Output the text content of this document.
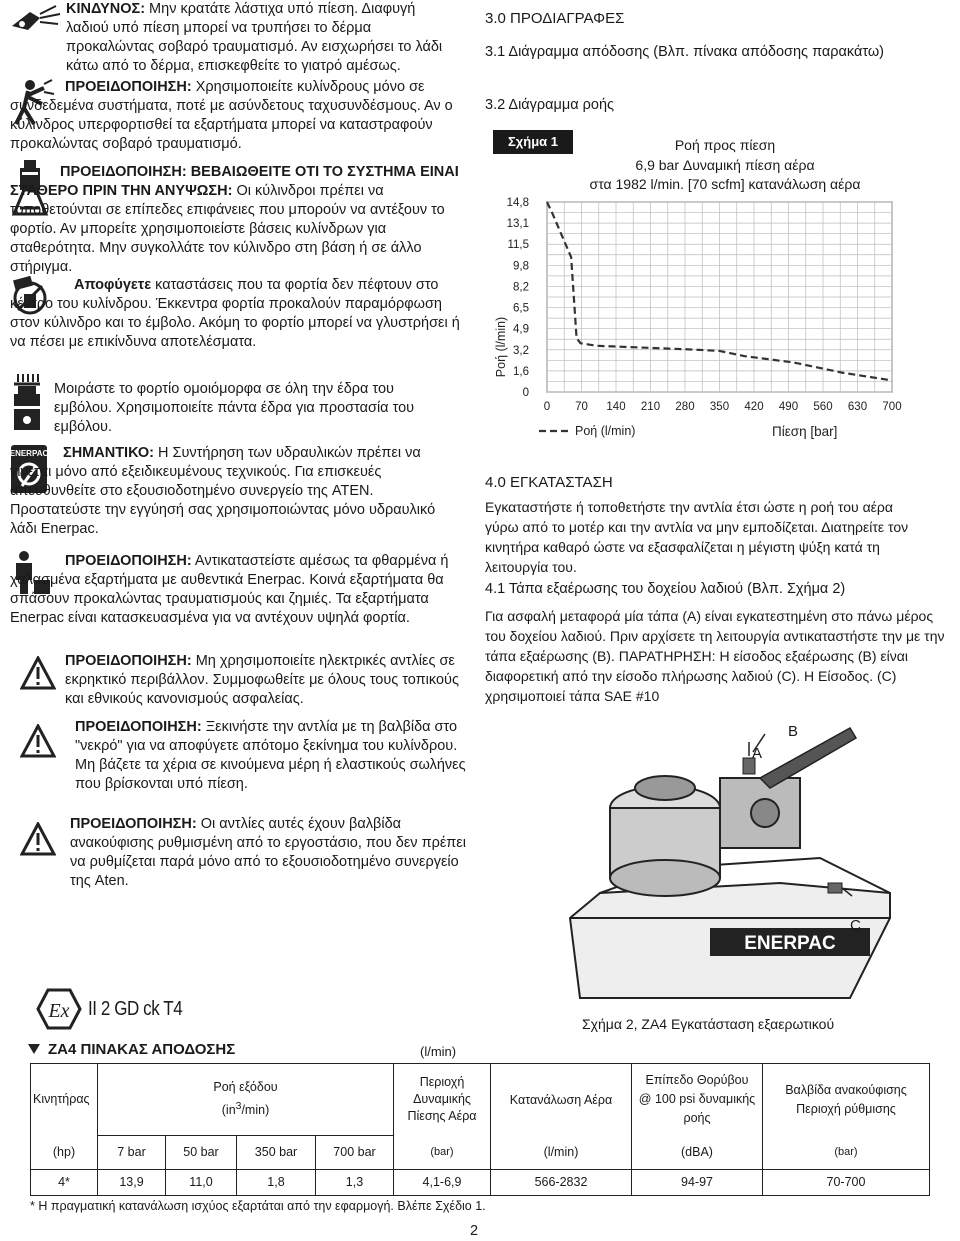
ΚΙΝΔΥΝΟΣ: Μην κρατάτε λάστιχα υπό πίεση. Διαφυγή λαδιού υπό πίεση μπορεί να τρυπήσει το δέρμα προκαλώντας σοβαρό τραυματισμό. Αν εισχωρήσει το λάδι κάτω από το δέρμα, επισκεφθείτε το γιατρό αμέσως.

ΠΡΟΕΙΔΟΠΟΙΗΣΗ: Χρησιμοποιείτε κυλίνδρους μόνο σε συνδεδεμένα συστήματα, ποτέ με ασύνδετους ταχυσυνδέσμους. Αν ο κύλινδρος υπερφορτισθεί τα εξαρτήματα μπορεί να καταστραφούν προκαλώντας σοβαρό τραυματισμό.

ΠΡΟΕΙΔΟΠΟΙΗΣΗ: ΒΕΒΑΙΩΘΕΙΤΕ ΟΤΙ ΤΟ ΣΥΣΤΗΜΑ ΕΙΝΑΙ ΣΤΑΘΕΡΟ ΠΡΙΝ ΤΗΝ ΑΝΥΨΩΣΗ: Οι κύλινδροι πρέπει να τοποθετούνται σε επίπεδες επιφάνειες που μπορούν να αντέξουν το φορτίο. Αν μπορείτε χρησιμοποιείστε βάσεις κυλίνδρων για σταθερότητα. Μην συγκολλάτε τον κύλινδρο στη βάση ή σε άλλο στήριγμα.

Αποφύγετε καταστάσεις που τα φορτία δεν πέφτουν στο κέντρο του κυλίνδρου. Έκκεντρα φορτία προκαλούν παραμόρφωση στον κύλινδρο και το έμβολο. Ακόμη το φορτίο μπορεί να γλυστρήσει ή να πέσει με επικίνδυνα αποτελέσματα.

Μοιράστε το φορτίο ομοιόμορφα σε όλη την έδρα του εμβόλου. Χρησιμοποιείτε πάντα έδρα για προστασία του εμβόλου.

ENERPAC	ΣΗΜΑΝΤΙΚΟ: Η Συντήρηση των υδραυλικών πρέπει να γίνεται μόνο από εξειδικευμένους τεχνικούς. Για επισκευές απευθυνθείτε στο εξουσιοδοτημένο συνεργείο της ATEN. Προστατεύστε την εγγύησή σας χρησιμοποιώντας μόνο υδραυλικό λάδι Enerpac.

ΠΡΟΕΙΔΟΠΟΙΗΣΗ: Αντικαταστείστε αμέσως τα φθαρμένα ή χαλασμένα εξαρτήματα με αυθεντικά Enerpac. Κοινά εξαρτήματα θα σπάσουν προκαλώντας τραυματισμούς και ζημιές. Τα εξαρτήματα Enerpac είναι κατασκευασμένα για να αντέχουν υψηλά φορτία.

ΠΡΟΕΙΔΟΠΟΙΗΣΗ: Μη χρησιμοποιείτε ηλεκτρικές αντλίες σε εκρηκτικό περιβάλλον. Συμμοφωθείτε με όλους τους τοπικούς και εθνικούς κανονισμούς ασφαλείας.

ΠΡΟΕΙΔΟΠΟΙΗΣΗ: Ξεκινήστε την αντλία με τη βαλβίδα στο "νεκρό" για να αποφύγετε απότομο ξεκίνημα του κυλίνδρου. Μη βάζετε τα χέρια σε κινούμενα μέρη ή ελαστικούς σωλήνες που βρίσκονται υπό πίεση.

ΠΡΟΕΙΔΟΠΟΙΗΣΗ: Οι αντλίες αυτές έχουν βαλβίδα ανακούφισης ρυθμισμένη από το εργοστάσιο, που δεν πρέπει να ρυθμίζεται παρά μόνο από το εξουσιοδοτημένο συνεργείο της Aten.

Ex II 2 GD ck T4
ZA4 ΠΙΝΑΚΑΣ ΑΠΟΔΟΣΗΣ	(l/min)
Κινητήρας	Ροή εξόδου
$(in^3/\min)$				Περιοχή Δυναμικής Πίεσης Αέρα	Κατανάλωση Αέρα	Επίπεδο Θορύβου @ 100 psi δυναμικής ροής	Βαλβίδα ανακούφισης Περιοχή ρύθμισης
(hp)	7 bar	50 bar	350 bar	700 bar	(bar)	(l/min)	(dBA)	(bar)
4*	13,9	11,0	1,8	1,3	4,1-6,9	566-2832	94-97	70-700
* Η πραγματική κατανάλωση ισχύος εξαρτάται από την εφαρμογή. Βλέπε Σχέδιο 1.
2
3.0 ΠΡΟΔΙΑΓΡΑΦΕΣ
3.1 Διάγραμμα απόδοσης (Βλπ. πίνακα απόδοσης παρακάτω)
3.2 Διάγραμμα ροής
Σχήμα 1	Ροή προς πίεση
6,9 bar Δυναμική πίεση αέρα
στα 1982 l/min. [70 scfm] κατανάλωση αέρα
0 70 140 210 280 350 420 490 560 630 700
0
1,6
3,2
4,9
6,5
8,2
9,8
11,5
13,1
14,8
Ροή (l/min)
Ροή (l/min)	Πίεση [bar]
4.0 ΕΓΚΑΤΑΣΤΑΣΗ

Εγκαταστήστε ή τοποθετήστε την αντλία έτσι ώστε η ροή του αέρα γύρω από το μοτέρ και την αντλία να μην εμποδίζεται. Διατηρείτε τον κινητήρα καθαρό ώστε να εξασφαλίζεται η μέγιστη ψύξη κατά τη λειτουργία του.

4.1 Τάπα εξαέρωσης του δοχείου λαδιού (Βλπ. Σχήμα 2)

Για ασφαλή μεταφορά μία τάπα (A) είναι εγκατεστημένη στο πάνω μέρος του δοχείου λαδιού. Πριν αρχίσετε τη λειτουργία αντικαταστήστε την με την τάπα εξαέρωσης (B). ΠΑΡΑΤΗΡΗΣΗ: Η είσοδος εξαέρωσης (B) είναι διαφορετική από την είσοδο πλήρωσης λαδιού (C). Η Είσοδος. (C) χρησιμοποιεί τάπα SAE #10

ENERPAC
A
B
C
Σχήμα 2, ZA4 Εγκατάσταση εξαερωτικού
